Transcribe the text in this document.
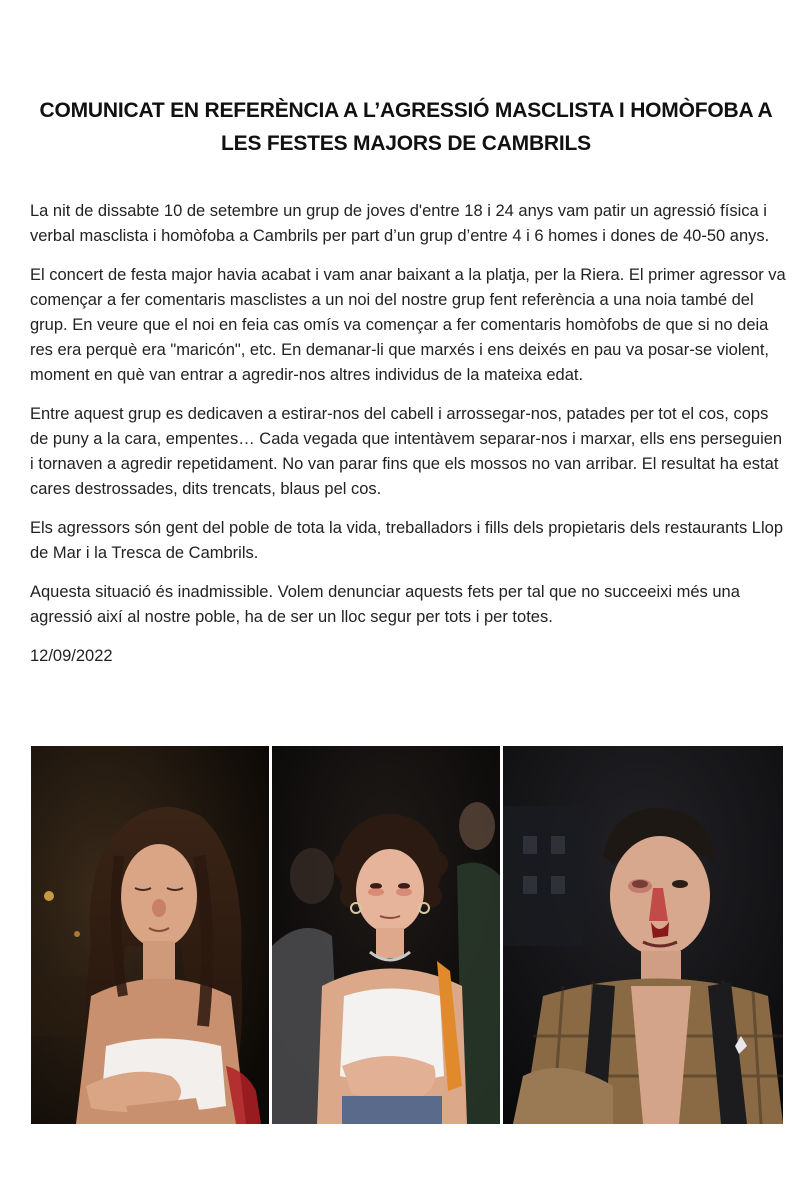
COMUNICAT EN REFERÈNCIA A L’AGRESSIÓ MASCLISTA I HOMÒFOBA A LES FESTES MAJORS DE CAMBRILS

La nit de dissabte 10 de setembre un grup de joves d'entre 18 i 24 anys vam patir un agressió física i verbal masclista i homòfoba a Cambrils per part d’un grup d’entre 4 i 6 homes i dones de 40-50 anys.

El concert de festa major havia acabat i vam anar baixant a la platja, per la Riera. El primer agressor va començar a fer comentaris masclistes a un noi del nostre grup fent referència a una noia també del grup. En veure que el noi en feia cas omís va començar a fer comentaris homòfobs de que si no deia res era perquè era "maricón", etc. En demanar-li que marxés i ens deixés en pau va posar-se violent, moment en què van entrar a agredir-nos altres individus de la mateixa edat.

Entre aquest grup es dedicaven a estirar-nos del cabell i arrossegar-nos, patades per tot el cos, cops de puny a la cara, empentes… Cada vegada que intentàvem separar-nos i marxar, ells ens perseguien i tornaven a agredir repetidament. No van parar fins que els mossos no van arribar. El resultat ha estat cares destrossades, dits trencats, blaus pel cos.

Els agressors són gent del poble de tota la vida, treballadors i fills dels propietaris dels restaurants Llop de Mar i la Tresca de Cambrils.

Aquesta situació és inadmissible. Volem denunciar aquests fets per tal que no succeeixi més una agressió així al nostre poble, ha de ser un lloc segur per tots i per totes.

12/09/2022
